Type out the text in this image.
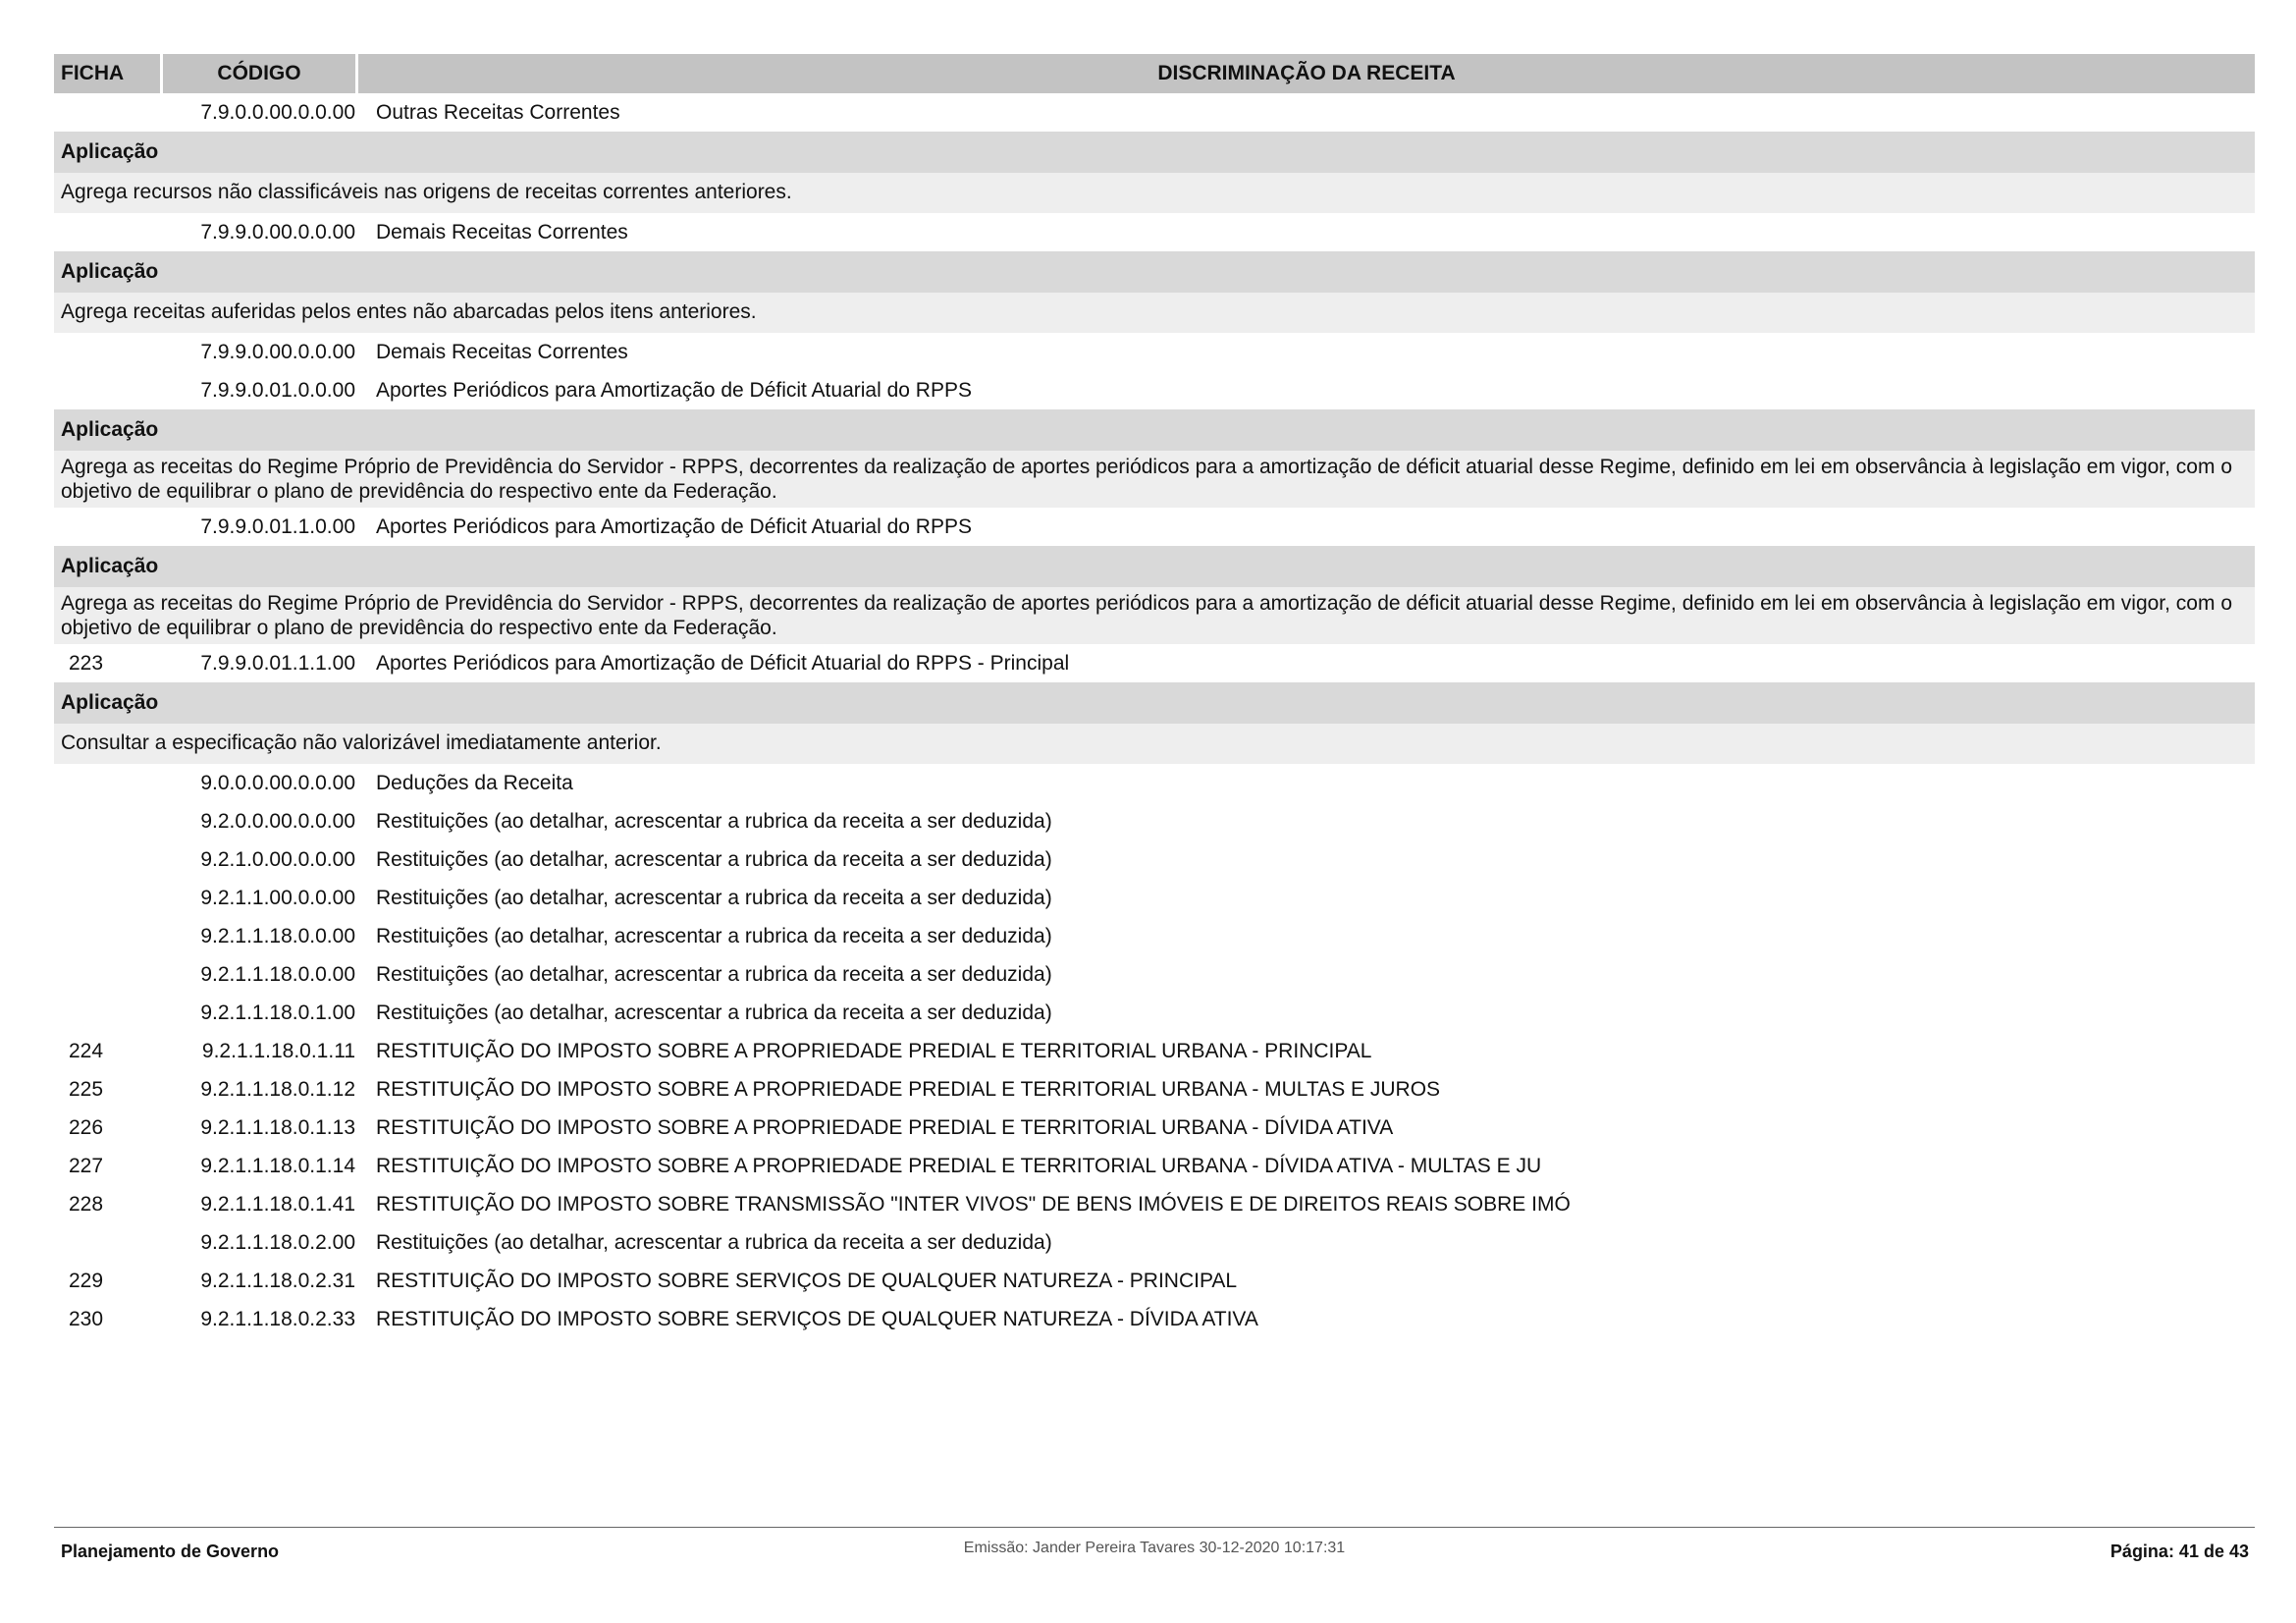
FICHA	CÓDIGO	DISCRIMINAÇÃO DA RECEITA
7.9.0.0.00.0.0.00	Outras Receitas Correntes
Aplicação
Agrega recursos não classificáveis nas origens de receitas correntes anteriores.
7.9.9.0.00.0.0.00	Demais Receitas Correntes
Aplicação
Agrega receitas auferidas pelos entes não abarcadas pelos itens anteriores.
7.9.9.0.00.0.0.00	Demais Receitas Correntes
7.9.9.0.01.0.0.00	Aportes Periódicos para Amortização de Déficit Atuarial do RPPS
Aplicação
Agrega as receitas do Regime Próprio de Previdência do Servidor - RPPS, decorrentes da realização de aportes periódicos para a amortização de déficit atuarial desse Regime, definido em lei em observância à legislação em vigor, com o objetivo de equilibrar o plano de previdência do respectivo ente da Federação.
7.9.9.0.01.1.0.00	Aportes Periódicos para Amortização de Déficit Atuarial do RPPS
Aplicação
Agrega as receitas do Regime Próprio de Previdência do Servidor - RPPS, decorrentes da realização de aportes periódicos para a amortização de déficit atuarial desse Regime, definido em lei em observância à legislação em vigor, com o objetivo de equilibrar o plano de previdência do respectivo ente da Federação.
223	7.9.9.0.01.1.1.00	Aportes Periódicos para Amortização de Déficit Atuarial do RPPS - Principal
Aplicação
Consultar a especificação não valorizável imediatamente anterior.
9.0.0.0.00.0.0.00	Deduções da Receita
9.2.0.0.00.0.0.00	Restituições (ao detalhar, acrescentar a rubrica da receita a ser deduzida)
9.2.1.0.00.0.0.00	Restituições (ao detalhar, acrescentar a rubrica da receita a ser deduzida)
9.2.1.1.00.0.0.00	Restituições (ao detalhar, acrescentar a rubrica da receita a ser deduzida)
9.2.1.1.18.0.0.00	Restituições (ao detalhar, acrescentar a rubrica da receita a ser deduzida)
9.2.1.1.18.0.0.00	Restituições (ao detalhar, acrescentar a rubrica da receita a ser deduzida)
9.2.1.1.18.0.1.00	Restituições (ao detalhar, acrescentar a rubrica da receita a ser deduzida)
224	9.2.1.1.18.0.1.11	RESTITUIÇÃO DO IMPOSTO SOBRE A PROPRIEDADE PREDIAL E TERRITORIAL URBANA - PRINCIPAL
225	9.2.1.1.18.0.1.12	RESTITUIÇÃO DO IMPOSTO SOBRE A PROPRIEDADE PREDIAL E TERRITORIAL URBANA - MULTAS E JUROS
226	9.2.1.1.18.0.1.13	RESTITUIÇÃO DO IMPOSTO SOBRE A PROPRIEDADE PREDIAL E TERRITORIAL URBANA - DÍVIDA ATIVA
227	9.2.1.1.18.0.1.14	RESTITUIÇÃO DO IMPOSTO SOBRE A PROPRIEDADE PREDIAL E TERRITORIAL URBANA - DÍVIDA ATIVA - MULTAS E JU
228	9.2.1.1.18.0.1.41	RESTITUIÇÃO DO IMPOSTO SOBRE TRANSMISSÃO "INTER VIVOS" DE BENS IMÓVEIS E DE DIREITOS REAIS SOBRE IMÓ
9.2.1.1.18.0.2.00	Restituições (ao detalhar, acrescentar a rubrica da receita a ser deduzida)
229	9.2.1.1.18.0.2.31	RESTITUIÇÃO DO IMPOSTO SOBRE SERVIÇOS DE QUALQUER NATUREZA - PRINCIPAL
230	9.2.1.1.18.0.2.33	RESTITUIÇÃO DO IMPOSTO SOBRE SERVIÇOS DE QUALQUER NATUREZA - DÍVIDA ATIVA
Planejamento de Governo	Emissão: Jander Pereira Tavares 30-12-2020 10:17:31	Página: 41 de 43
